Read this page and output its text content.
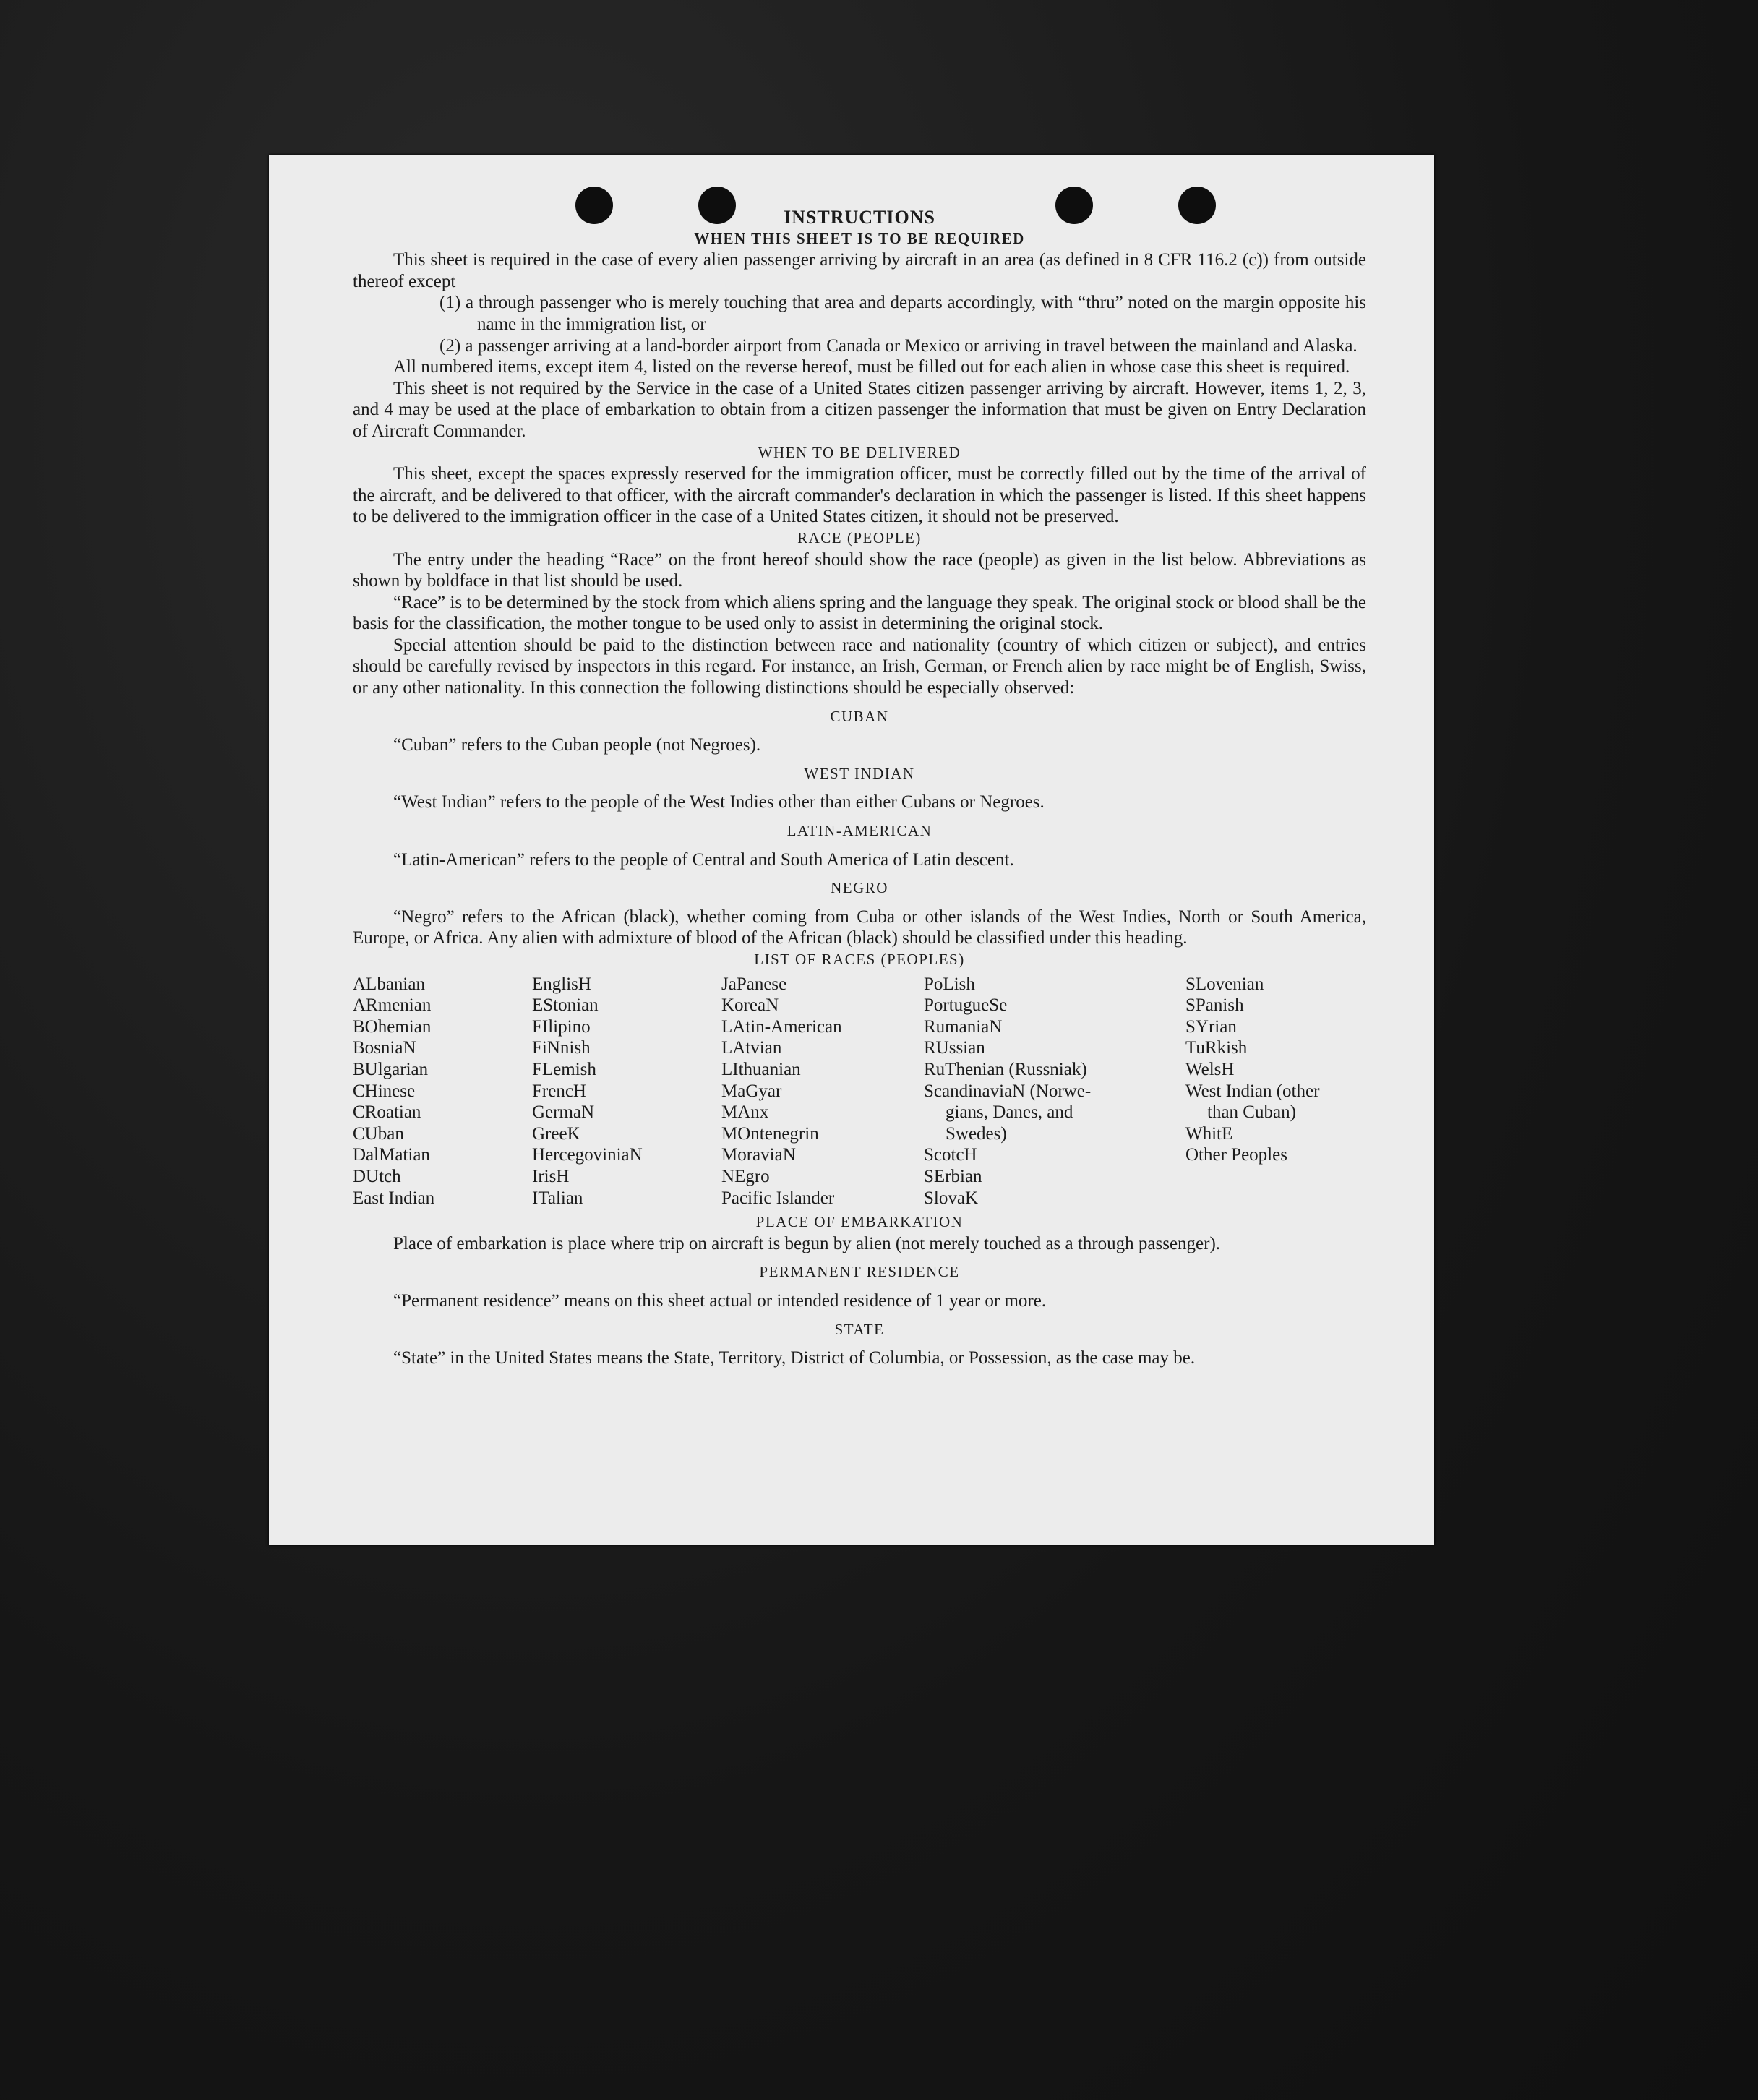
INSTRUCTIONS

WHEN THIS SHEET IS TO BE REQUIRED

This sheet is required in the case of every alien passenger arriving by aircraft in an area (as defined in 8 CFR 116.2 (c)) from outside thereof except

(1) a through passenger who is merely touching that area and departs accordingly, with “thru” noted on the margin opposite his name in the immigration list, or

(2) a passenger arriving at a land-border airport from Canada or Mexico or arriving in travel between the mainland and Alaska.

All numbered items, except item 4, listed on the reverse hereof, must be filled out for each alien in whose case this sheet is required.

This sheet is not required by the Service in the case of a United States citizen passenger arriving by aircraft. However, items 1, 2, 3, and 4 may be used at the place of embarkation to obtain from a citizen passenger the information that must be given on Entry Declaration of Aircraft Commander.

WHEN TO BE DELIVERED

This sheet, except the spaces expressly reserved for the immigration officer, must be correctly filled out by the time of the arrival of the aircraft, and be delivered to that officer, with the aircraft commander's declaration in which the passenger is listed. If this sheet happens to be delivered to the immigration officer in the case of a United States citizen, it should not be preserved.

RACE (PEOPLE)

The entry under the heading “Race” on the front hereof should show the race (people) as given in the list below. Abbreviations as shown by boldface in that list should be used.

“Race” is to be determined by the stock from which aliens spring and the language they speak. The original stock or blood shall be the basis for the classification, the mother tongue to be used only to assist in determining the original stock.

Special attention should be paid to the distinction between race and nationality (country of which citizen or subject), and entries should be carefully revised by inspectors in this regard. For instance, an Irish, German, or French alien by race might be of English, Swiss, or any other nationality. In this connection the following distinctions should be especially observed:

CUBAN

“Cuban” refers to the Cuban people (not Negroes).

WEST INDIAN

“West Indian” refers to the people of the West Indies other than either Cubans or Negroes.

LATIN-AMERICAN

“Latin-American” refers to the people of Central and South America of Latin descent.

NEGRO

“Negro” refers to the African (black), whether coming from Cuba or other islands of the West Indies, North or South America, Europe, or Africa. Any alien with admixture of blood of the African (black) should be classified under this heading.

LIST OF RACES (PEOPLES)

ALbanian
ARmenian
BOhemian
BosniaN
BUlgarian
CHinese
CRoatian
CUban
DalMatian
DUtch
East Indian
EnglisH
EStonian
FIlipino
FiNnish
FLemish
FrencH
GermaN
GreeK
HercegoviniaN
IrisH
ITalian
JaPanese
KoreaN
LAtin-American
LAtvian
LIthuanian
MaGyar
MAnx
MOntenegrin
MoraviaN
NEgro
Pacific Islander
PoLish
PortugueSe
RumaniaN
RUssian
RuThenian (Russniak)
ScandinaviaN (Norwe-
gians, Danes, and
Swedes)
ScotcH
SErbian
SlovaK
SLovenian
SPanish
SYrian
TuRkish
WelsH
West Indian (other
than Cuban)
WhitE
Other Peoples

PLACE OF EMBARKATION

Place of embarkation is place where trip on aircraft is begun by alien (not merely touched as a through passenger).

PERMANENT RESIDENCE

“Permanent residence” means on this sheet actual or intended residence of 1 year or more.

STATE

“State” in the United States means the State, Territory, District of Columbia, or Possession, as the case may be.
